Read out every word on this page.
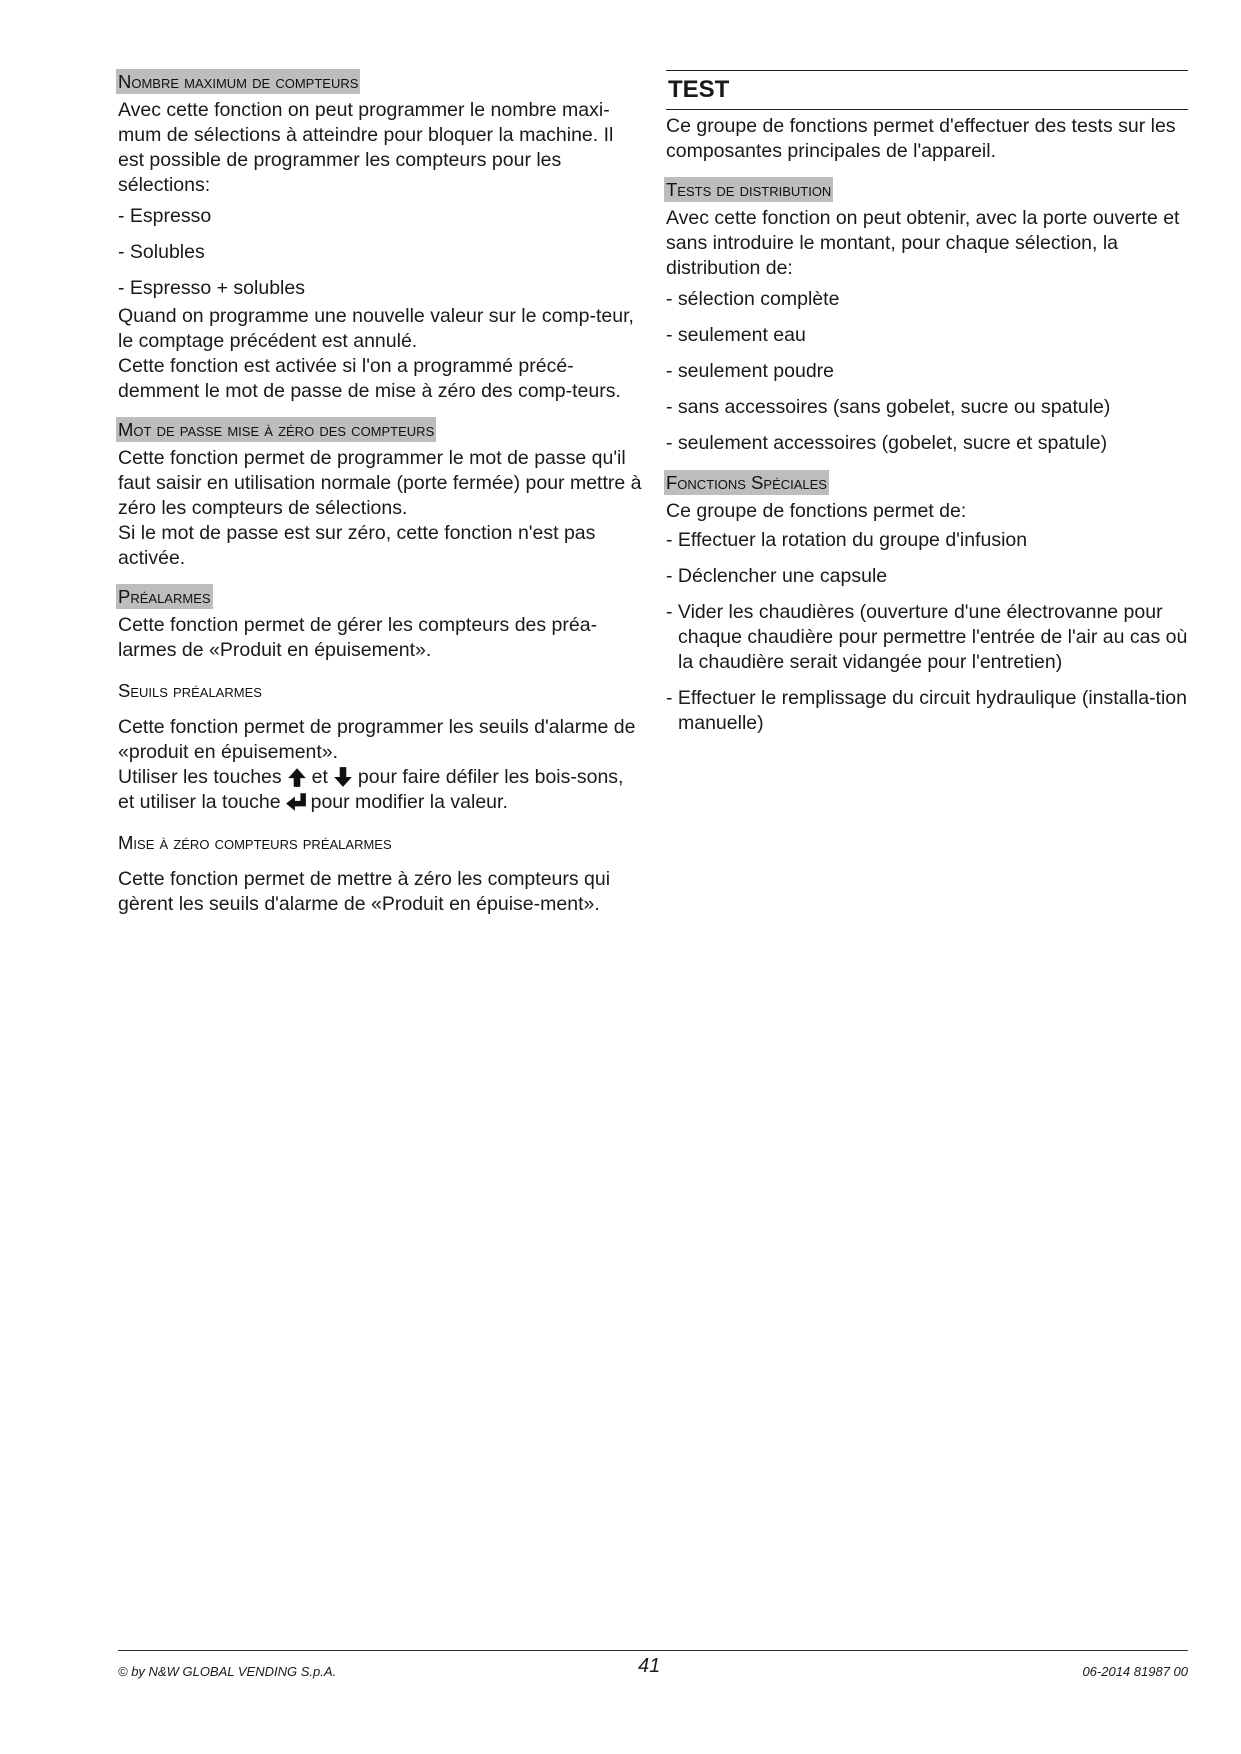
Nombre maximum de compteurs

Avec cette fonction on peut programmer le nombre maxi-mum de sélections à atteindre pour bloquer la machine. Il est possible de programmer les compteurs pour les sélections:

- Espresso
- Solubles
- Espresso + solubles

Quand on programme une nouvelle valeur sur le comp-teur, le comptage précédent est annulé.

Cette fonction est activée si l'on a programmé précé-demment le mot de passe de mise à zéro des comp-teurs.

Mot de passe mise à zéro des compteurs

Cette fonction permet de programmer le mot de passe qu'il faut saisir en utilisation normale (porte fermée) pour mettre à zéro les compteurs de sélections.

Si le mot de passe est sur zéro, cette fonction n'est pas activée.

Préalarmes

Cette fonction permet de gérer les compteurs des préa-larmes de «Produit en épuisement».

Seuils préalarmes

Cette fonction permet de programmer les seuils d'alarme de «produit en épuisement».

Utiliser les touches et pour faire défiler les bois-sons, et utiliser la touche pour modifier la valeur.

Mise à zéro compteurs préalarmes

Cette fonction permet de mettre à zéro les compteurs qui gèrent les seuils d'alarme de «Produit en épuise-ment».

TEST

Ce groupe de fonctions permet d'effectuer des tests sur les composantes principales de l'appareil.

Tests de distribution

Avec cette fonction on peut obtenir, avec la porte ouverte et sans introduire le montant, pour chaque sélection, la distribution de:

- sélection complète
- seulement eau
- seulement poudre
- sans accessoires (sans gobelet, sucre ou spatule)
- seulement accessoires (gobelet, sucre et spatule)
Fonctions Spéciales

Ce groupe de fonctions permet de:

- Effectuer la rotation du groupe d'infusion
- Déclencher une capsule
- Vider les chaudières (ouverture d'une électrovanne pour chaque chaudière pour permettre l'entrée de l'air au cas où la chaudière serait vidangée pour l'entretien)
- Effectuer le remplissage du circuit hydraulique (installa-tion manuelle)
© by N&W GLOBAL VENDING S.p.A.	41	06-2014 81987 00
